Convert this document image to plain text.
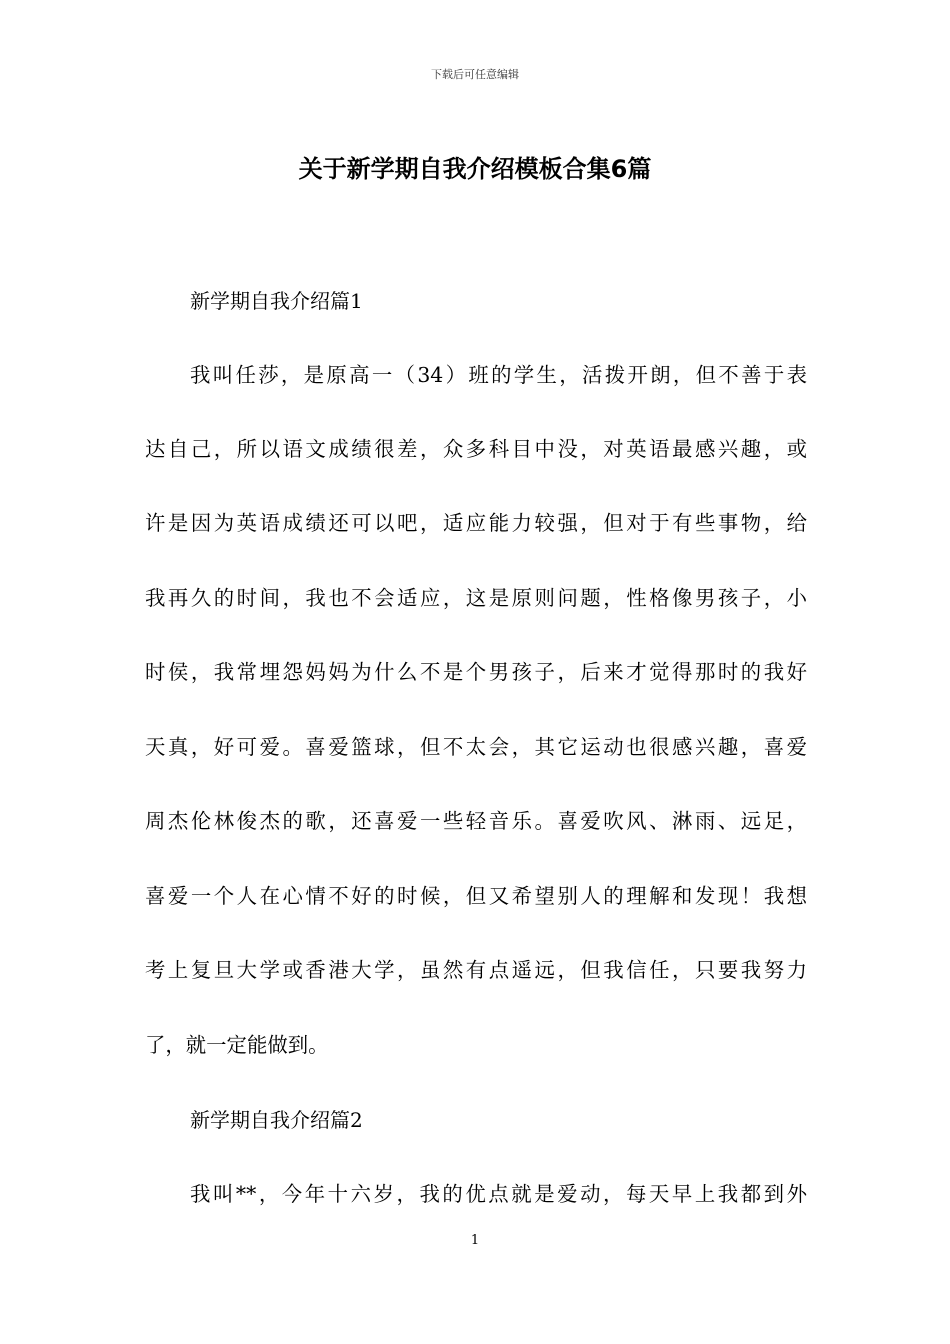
下载后可任意编辑
关于新学期自我介绍模板合集6篇
新学期自我介绍篇1
我叫任莎，是原高一（34）班的学生，活拨开朗，但不善于表
达自己，所以语文成绩很差，众多科目中没，对英语最感兴趣，或
许是因为英语成绩还可以吧，适应能力较强，但对于有些事物，给
我再久的时间，我也不会适应，这是原则问题，性格像男孩子，小
时侯，我常埋怨妈妈为什么不是个男孩子，后来才觉得那时的我好
天真，好可爱。喜爱篮球，但不太会，其它运动也很感兴趣，喜爱
周杰伦林俊杰的歌，还喜爱一些轻音乐。喜爱吹风、淋雨、远足，
喜爱一个人在心情不好的时候，但又希望别人的理解和发现！我想
考上复旦大学或香港大学，虽然有点遥远，但我信任，只要我努力
了，就一定能做到。
新学期自我介绍篇2
我叫**，今年十六岁，我的优点就是爱动，每天早上我都到外
1
